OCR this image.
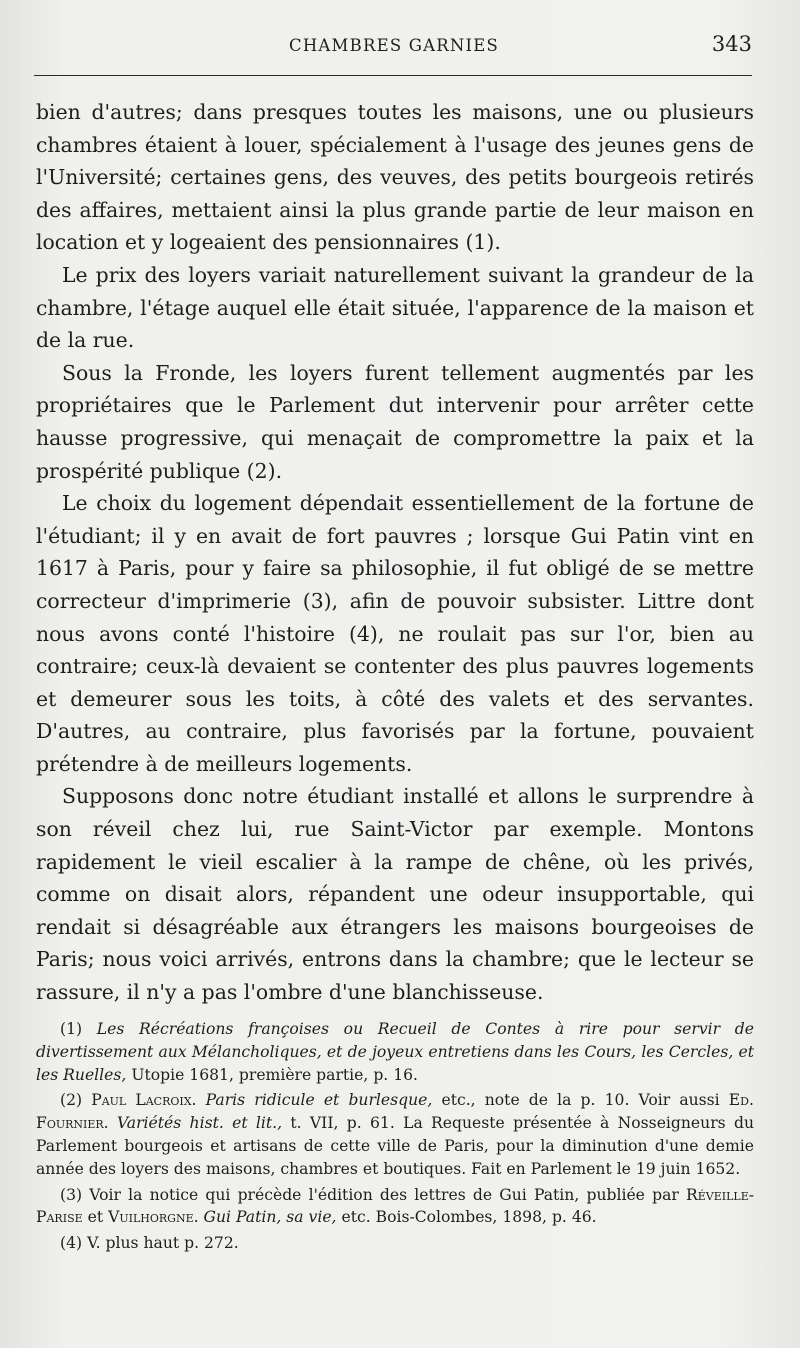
CHAMBRES GARNIES	343

bien d'autres; dans presques toutes les maisons, une ou plusieurs chambres étaient à louer, spécialement à l'usage des jeunes gens de l'Université; certaines gens, des veuves, des petits bourgeois retirés des affaires, mettaient ainsi la plus grande partie de leur maison en location et y logeaient des pensionnaires (1).

Le prix des loyers variait naturellement suivant la grandeur de la chambre, l'étage auquel elle était située, l'apparence de la maison et de la rue.

Sous la Fronde, les loyers furent tellement augmentés par les propriétaires que le Parlement dut intervenir pour arrêter cette hausse progressive, qui menaçait de compromettre la paix et la prospérité publique (2).

Le choix du logement dépendait essentiellement de la fortune de l'étudiant; il y en avait de fort pauvres ; lorsque Gui Patin vint en 1617 à Paris, pour y faire sa philosophie, il fut obligé de se mettre correcteur d'imprimerie (3), afin de pouvoir subsister. Littre dont nous avons conté l'histoire (4), ne roulait pas sur l'or, bien au contraire; ceux-là devaient se contenter des plus pauvres logements et demeurer sous les toits, à côté des valets et des servantes. D'autres, au contraire, plus favorisés par la fortune, pouvaient prétendre à de meilleurs logements.

Supposons donc notre étudiant installé et allons le surprendre à son réveil chez lui, rue Saint-Victor par exemple. Montons rapidement le vieil escalier à la rampe de chêne, où les privés, comme on disait alors, répandent une odeur insupportable, qui rendait si désagréable aux étrangers les maisons bourgeoises de Paris; nous voici arrivés, entrons dans la chambre; que le lecteur se rassure, il n'y a pas l'ombre d'une blanchisseuse.

(1) Les Récréations françoises ou Recueil de Contes à rire pour servir de divertissement aux Mélancholiques, et de joyeux entretiens dans les Cours, les Cercles, et les Ruelles, Utopie 1681, première partie, p. 16.

(2) Paul Lacroix. Paris ridicule et burlesque, etc., note de la p. 10. Voir aussi Ed. Fournier. Variétés hist. et lit., t. VII, p. 61. La Requeste présentée à Nosseigneurs du Parlement bourgeois et artisans de cette ville de Paris, pour la diminution d'une demie année des loyers des maisons, chambres et boutiques. Fait en Parlement le 19 juin 1652.

(3) Voir la notice qui précède l'édition des lettres de Gui Patin, publiée par Réveille-Parise et Vuilhorgne. Gui Patin, sa vie, etc. Bois-Colombes, 1898, p. 46.

(4) V. plus haut p. 272.
